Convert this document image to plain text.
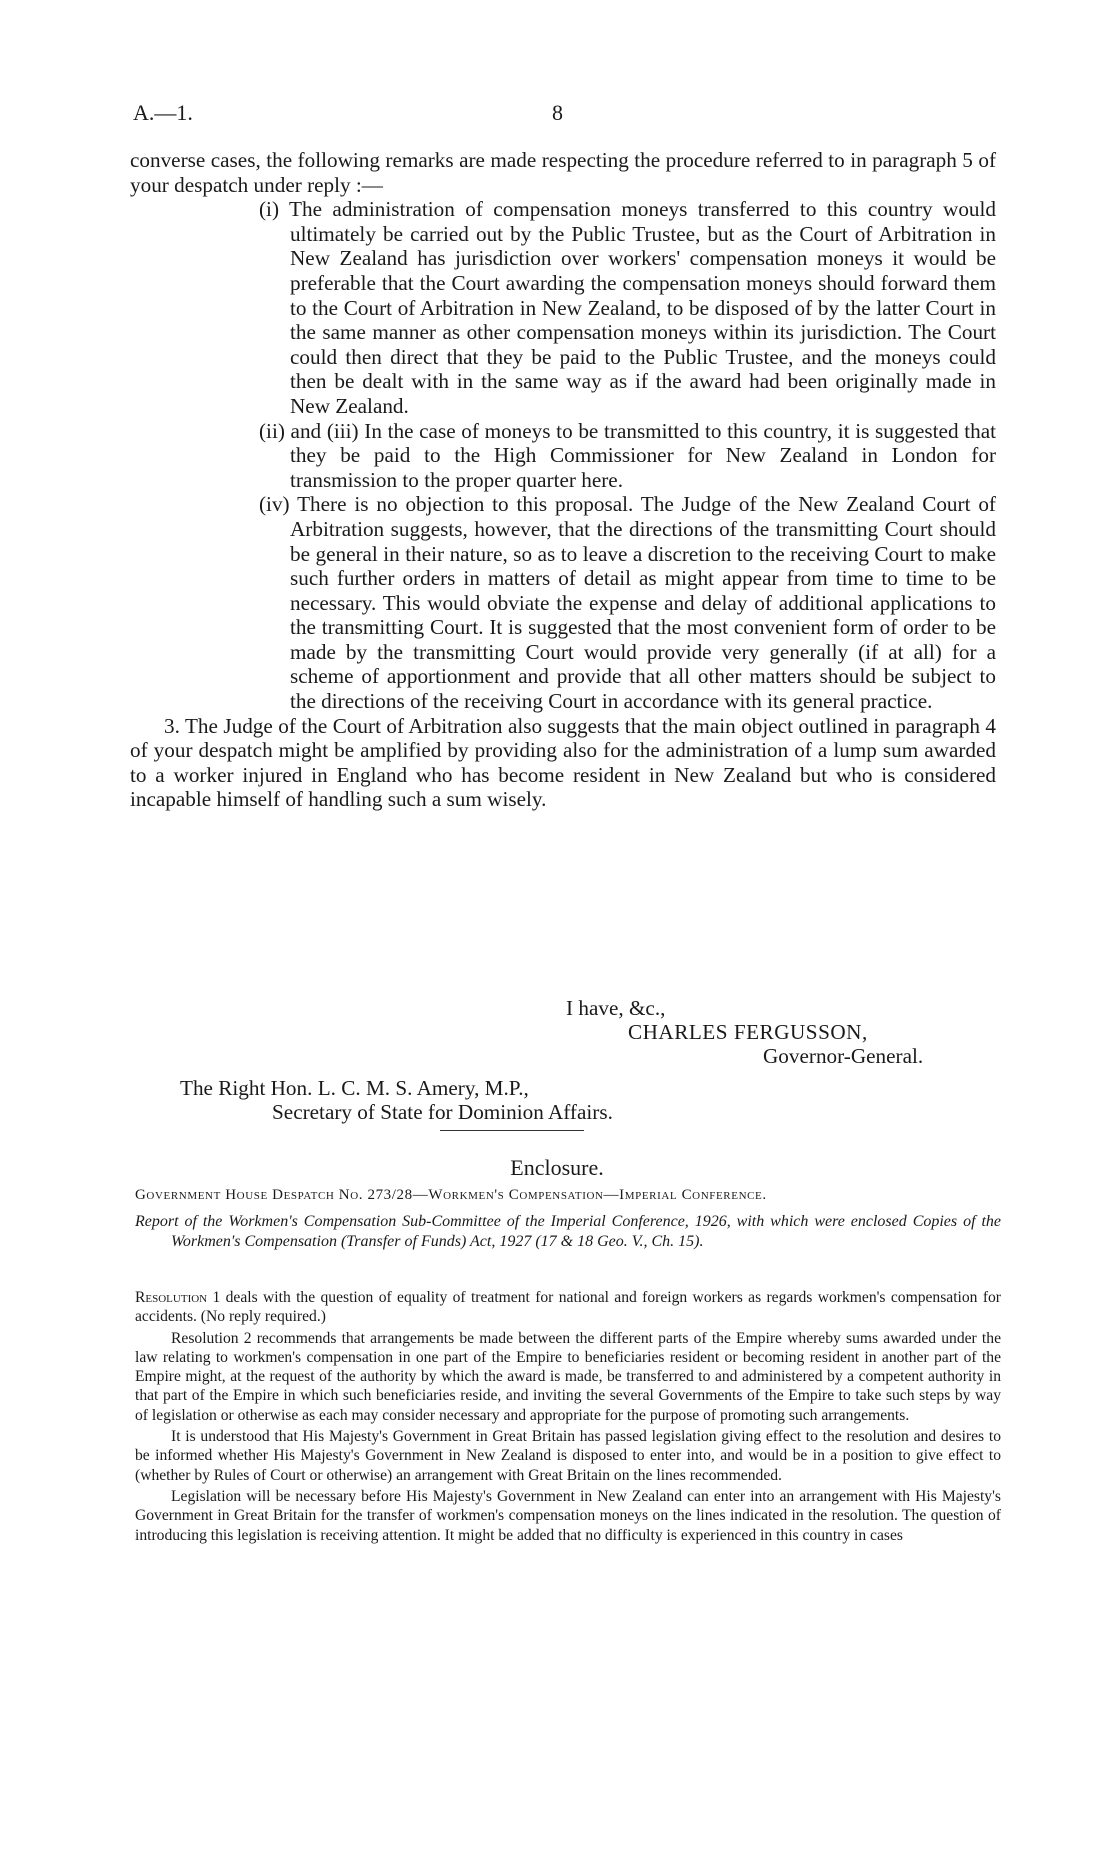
A.—1.	8

converse cases, the following remarks are made respecting the procedure referred to in paragraph 5 of your despatch under reply :—

(i) The administration of compensation moneys transferred to this country would ultimately be carried out by the Public Trustee, but as the Court of Arbitration in New Zealand has jurisdiction over workers' compensation moneys it would be preferable that the Court awarding the compensation moneys should forward them to the Court of Arbitration in New Zealand, to be disposed of by the latter Court in the same manner as other compensation moneys within its jurisdiction. The Court could then direct that they be paid to the Public Trustee, and the moneys could then be dealt with in the same way as if the award had been originally made in New Zealand.

(ii) and (iii) In the case of moneys to be transmitted to this country, it is suggested that they be paid to the High Commissioner for New Zealand in London for transmission to the proper quarter here.

(iv) There is no objection to this proposal. The Judge of the New Zealand Court of Arbitration suggests, however, that the directions of the transmitting Court should be general in their nature, so as to leave a discretion to the receiving Court to make such further orders in matters of detail as might appear from time to time to be necessary. This would obviate the expense and delay of additional applications to the transmitting Court. It is suggested that the most convenient form of order to be made by the transmitting Court would provide very generally (if at all) for a scheme of apportionment and provide that all other matters should be subject to the directions of the receiving Court in accordance with its general practice.

3. The Judge of the Court of Arbitration also suggests that the main object outlined in paragraph 4 of your despatch might be amplified by providing also for the administration of a lump sum awarded to a worker injured in England who has become resident in New Zealand but who is considered incapable himself of handling such a sum wisely.

I have, &c.,
CHARLES FERGUSSON,
Governor-General.
The Right Hon. L. C. M. S. Amery, M.P.,
Secretary of State for Dominion Affairs.
Enclosure.
Government House Despatch No. 273/28—Workmen's Compensation—Imperial Conference.

Report of the Workmen's Compensation Sub-Committee of the Imperial Conference, 1926, with which were enclosed Copies of the Workmen's Compensation (Transfer of Funds) Act, 1927 (17 & 18 Geo. V., Ch. 15).

Resolution 1 deals with the question of equality of treatment for national and foreign workers as regards workmen's compensation for accidents. (No reply required.)

Resolution 2 recommends that arrangements be made between the different parts of the Empire whereby sums awarded under the law relating to workmen's compensation in one part of the Empire to beneficiaries resident or becoming resident in another part of the Empire might, at the request of the authority by which the award is made, be transferred to and administered by a competent authority in that part of the Empire in which such beneficiaries reside, and inviting the several Governments of the Empire to take such steps by way of legislation or otherwise as each may consider necessary and appropriate for the purpose of promoting such arrangements.

It is understood that His Majesty's Government in Great Britain has passed legislation giving effect to the resolution and desires to be informed whether His Majesty's Government in New Zealand is disposed to enter into, and would be in a position to give effect to (whether by Rules of Court or otherwise) an arrangement with Great Britain on the lines recommended.

Legislation will be necessary before His Majesty's Government in New Zealand can enter into an arrangement with His Majesty's Government in Great Britain for the transfer of workmen's compensation moneys on the lines indicated in the resolution. The question of introducing this legislation is receiving attention. It might be added that no difficulty is experienced in this country in cases
